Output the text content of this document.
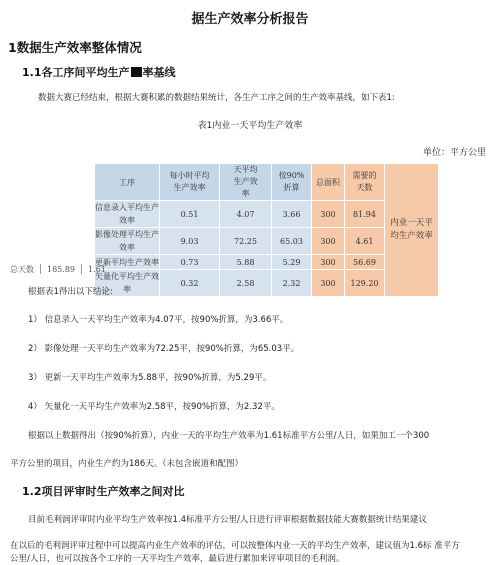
据生产效率分析报告
1数据生产效率整体情况
1.1各工序间平均生产 率基线
数据大赛已经结束，根据大赛积累的数据结果统计，各生产工序之间的生产效率基线，如下表1:
表1内业一天平均生产效率
单位：平方公里
工序	每小时平均生产效率	天平均生产效率	按90% 折算	总面积	需要的天数	内业一天平均生产效率
信息录入平均生产效率	0.51	4.07	3.66	300	81.94	
影像处理平均生产效率	9.03	72.25	65.03	300	4.61	
更新平均生产效率	0.73	5.88	5.29	300	56.69	
矢量化平均生产效率	0.32	2.58	2.32	300	129.20	
总天数 185.89 1.61
根据表1得出以下结论:
1） 信息录入一天平均生产效率为4.07平，按90%折算，为3.66平。
2） 影像处理一天平均生产效率为72.25平，按90%折算，为65.03平。
3） 更新一天平均生产效率为5.88平，按90%折算，为5.29平。
4） 矢量化一天平均生产效率为2.58平，按90%折算，为2.32平。
根据以上数据得出（按90%折算），内业一天的平均生产效率为1.61标准平方公里/人日，如果加工一个300
平方公里的项目，内业生产约为186天。（未包含嵌道和配图）
1.2项目评审时生产效率之间对比
目前毛利润评审时内业平均生产效率按1.4标准平方公里/人日进行评审根据数据技能大赛数据统计结果建议
在以后的毛利润评审过程中可以提高内业生产效率的评估，可以按整体内业一天的平均生产效率，建议值为1.6标 准平方
公里/人日，也可以按各个工序的一天平均生产效率，最后进行累加来评审项目的毛利润。
